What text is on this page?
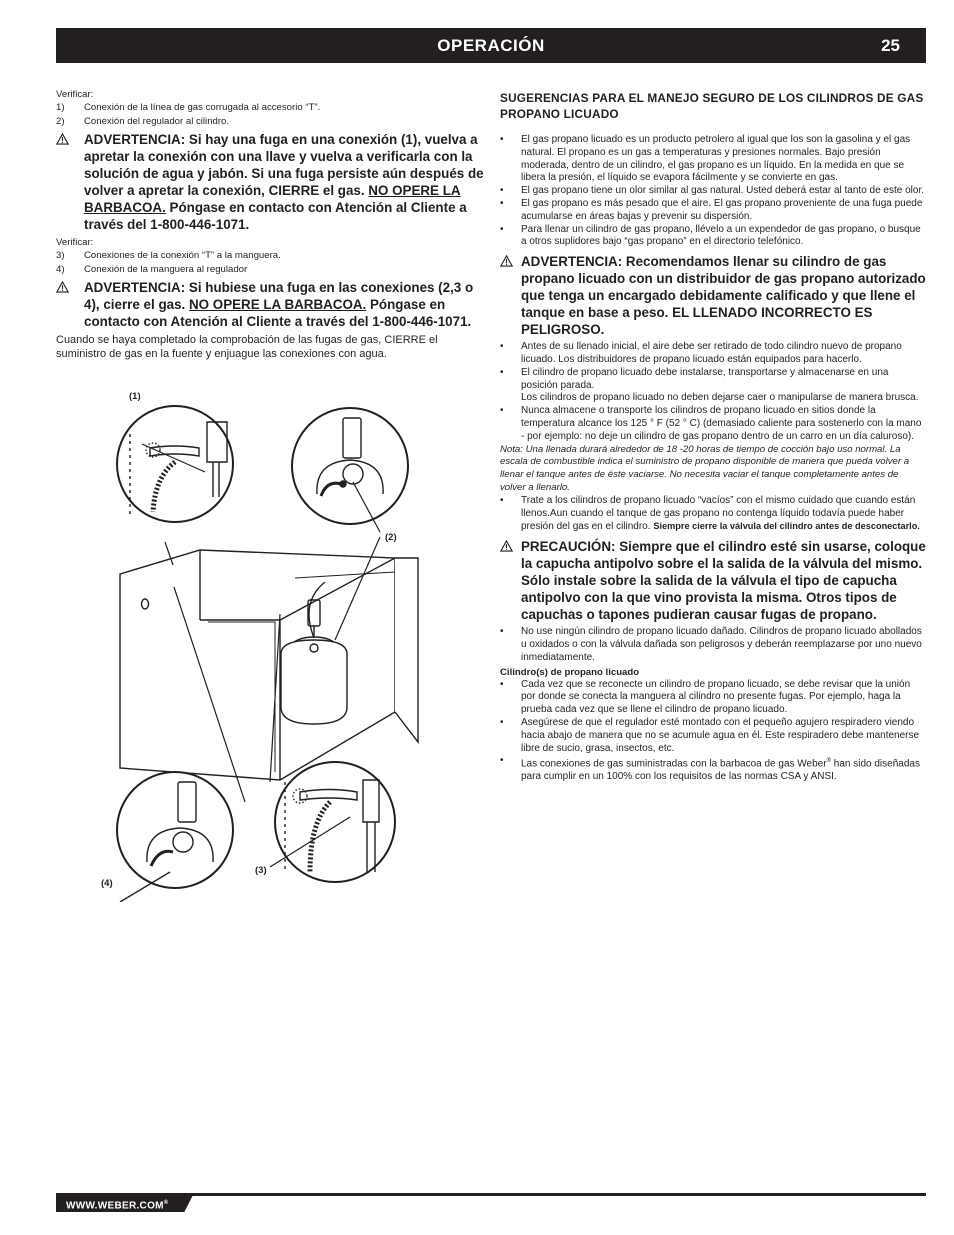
OPERACIÓN	25
Verificar:
1)	Conexión de la línea de gas corrugada al accesorio “T”.
2)	Conexión del regulador al cilindro.
ADVERTENCIA: Si hay una fuga en una conexión (1), vuelva a apretar la conexión con una llave y vuelva a verificarla con la solución de agua y jabón. Si una fuga persiste aún después de volver a apretar la conexión, CIERRE el gas. NO OPERE LA BARBACOA. Póngase en contacto con Atención al Cliente a través del 1-800-446-1071.
Verificar:
3)	Conexiones de la conexión “T” a la manguera.
4)	Conexión de la manguera al regulador
ADVERTENCIA: Si hubiese una fuga en las conexiones (2,3 o 4), cierre el gas. NO OPERE LA BARBACOA. Póngase en contacto con Atención al Cliente a través del 1-800-446-1071.
Cuando se haya completado la comprobación de las fugas de gas, CIERRE el suministro de gas en la fuente y enjuague las conexiones con agua.
(1)
(2)
(3)
(4)
SUGERENCIAS PARA EL MANEJO SEGURO DE LOS CILINDROS DE GAS PROPANO LICUADO
•	El gas propano licuado es un producto petrolero al igual que los son la gasolina y el gas natural. El propano es un gas a temperaturas y presiones normales. Bajo presión moderada, dentro de un cilindro, el gas propano es un líquido. En la medida en que se libera la presión, el líquido se evapora fácilmente y se convierte en gas.
•	El gas propano tiene un olor similar al gas natural. Usted deberá estar al tanto de este olor.
•	El gas propano es más pesado que el aire. El gas propano proveniente de una fuga puede acumularse en áreas bajas y prevenir su dispersión.
•	Para llenar un cilindro de gas propano, llévelo a un expendedor de gas propano, o busque a otros suplidores bajo “gas propano” en el directorio telefónico.
ADVERTENCIA: Recomendamos llenar su cilindro de gas propano licuado con un distribuidor de gas propano autorizado que tenga un encargado debidamente calificado y que llene el tanque en base a peso. EL LLENADO INCORRECTO ES PELIGROSO.
•	Antes de su llenado inicial, el aire debe ser retirado de todo cilindro nuevo de propano licuado. Los distribuidores de propano licuado están equipados para hacerlo.
•	El cilindro de propano licuado debe instalarse, transportarse y almacenarse en una posición parada.
Los cilindros de propano licuado no deben dejarse caer o manipularse de manera brusca.
•	Nunca almacene o transporte los cilindros de propano licuado en sitios donde la temperatura alcance los 125 ° F (52 ° C) (demasiado caliente para sostenerlo con la mano - por ejemplo: no deje un cilindro de gas propano dentro de un carro en un día caluroso).
Nota: Una llenada durará alrededor de 18 -20 horas de tiempo de cocción bajo uso normal. La escala de combustible indica el suministro de propano disponible de manera que pueda volver a llenar el tanque antes de éste vaciarse. No necesita vaciar el tanque completamente antes de volver a llenarlo.
•	Trate a los cilindros de propano licuado “vacíos” con el mismo cuidado que cuando están llenos.Aun cuando el tanque de gas propano no contenga líquido todavía puede haber presión del gas en el cilindro. Siempre cierre la válvula del cilindro antes de desconectarlo.
PRECAUCIÓN: Siempre que el cilindro esté sin usarse, coloque la capucha antipolvo sobre el la salida de la válvula del mismo. Sólo instale sobre la salida de la válvula el tipo de capucha antipolvo con la que vino provista la misma. Otros tipos de capuchas o tapones pudieran causar fugas de propano.
•	No use ningún cilindro de propano licuado dañado. Cilindros de propano licuado abollados u oxidados o con la válvula dañada son peligrosos y deberán reemplazarse por uno nuevo inmediatamente.
Cilindro(s) de propano licuado
•	Cada vez que se reconecte un cilindro de propano licuado, se debe revisar que la unión por donde se conecta la manguera al cilindro no presente fugas. Por ejemplo, haga la prueba cada vez que se llene el cilindro de propano licuado.
•	Asegúrese de que el regulador esté montado con el pequeño agujero respiradero viendo hacia abajo de manera que no se acumule agua en él. Este respiradero debe mantenerse libre de sucio, grasa, insectos, etc.
•	Las conexiones de gas suministradas con la barbacoa de gas Weber® han sido diseñadas para cumplir en un 100% con los requisitos de las normas CSA y ANSI.
WWW.WEBER.COM®
